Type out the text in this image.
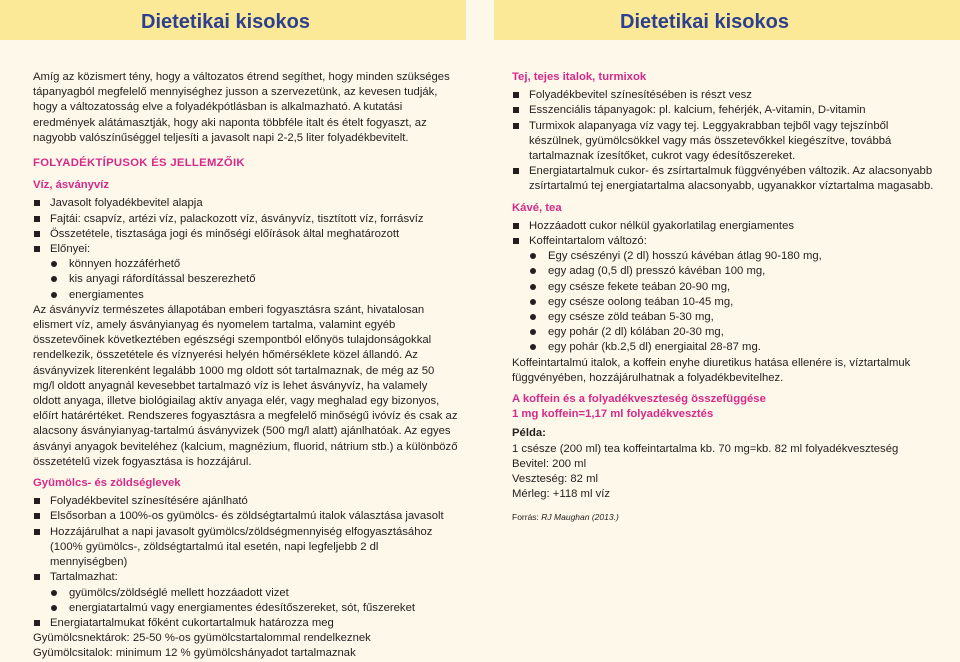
Dietetikai kisokos	Dietetikai kisokos

Amíg az közismert tény, hogy a változatos étrend segíthet, hogy minden szükséges tápanyagból megfelelő mennyiséghez jusson a szervezetünk, az kevesen tudják, hogy a változatosság elve a folyadékpótlásban is alkalmazható. A kutatási eredmények alátámasztják, hogy aki naponta többféle italt és ételt fogyaszt, az nagyobb valószínűséggel teljesíti a javasolt napi 2-2,5 liter folyadékbevitelt.

FOLYADÉKTÍPUSOK ÉS JELLEMZŐIK
Víz, ásványvíz
Javasolt folyadékbevitel alapja
Fajtái: csapvíz, artézi víz, palackozott víz, ásványvíz, tisztított víz, forrásvíz
Összetétele, tisztasága jogi és minőségi előírások által meghatározott
Előnyei:
könnyen hozzáférhető
kis anyagi ráfordítással beszerezhető
energiamentes

Az ásványvíz természetes állapotában emberi fogyasztásra szánt, hivatalosan elismert víz, amely ásványianyag és nyomelem tartalma, valamint egyéb összetevőinek következtében egészségi szempontból előnyös tulajdonságokkal rendelkezik, összetétele és víznyerési helyén hőmérséklete közel állandó. Az ásványvizek literenként legalább 1000 mg oldott sót tartalmaznak, de még az 50 mg/l oldott anyagnál kevesebbet tartalmazó víz is lehet ásványvíz, ha valamely oldott anyaga, illetve biológiailag aktív anyaga elér, vagy meghalad egy bizonyos, előírt határértéket. Rendszeres fogyasztásra a megfelelő minőségű ivóvíz és csak az alacsony ásványianyag-tartalmú ásványvizek (500 mg/l alatt) ajánlhatóak. Az egyes ásványi anyagok beviteléhez (kalcium, magnézium, fluorid, nátrium stb.) a különböző összetételű vizek fogyasztása is hozzájárul.

Gyümölcs- és zöldséglevek
Folyadékbevitel színesítésére ajánlható
Elsősorban a 100%-os gyümölcs- és zöldségtartalmú italok választása javasolt
Hozzájárulhat a napi javasolt gyümölcs/zöldségmennyiség elfogyasztásához (100% gyümölcs-, zöldségtartalmú ital esetén, napi legfeljebb 2 dl mennyiségben)
Tartalmazhat:
gyümölcs/zöldséglé mellett hozzáadott vizet
energiatartalmú vagy energiamentes édesítőszereket, sót, fűszereket
Energiatartalmukat főként cukortartalmuk határozza meg

Gyümölcsnektárok: 25-50 %-os gyümölcstartalommal rendelkeznek

Gyümölcsitalok: minimum 12 % gyümölcshányadot tartalmaznak

Tej, tejes italok, turmixok
Folyadékbevitel színesítésében is részt vesz
Esszenciális tápanyagok: pl. kalcium, fehérjék, A-vitamin, D-vitamin
Turmixok alapanyaga víz vagy tej. Leggyakrabban tejből vagy tejszínből készülnek, gyümölcsökkel vagy más összetevőkkel kiegészítve, továbbá tartalmaznak ízesítőket, cukrot vagy édesítőszereket.
Energiatartalmuk cukor- és zsírtartalmuk függvényében változik. Az alacsonyabb zsírtartalmú tej energiatartalma alacsonyabb, ugyanakkor víztartalma magasabb.
Kávé, tea
Hozzáadott cukor nélkül gyakorlatilag energiamentes
Koffeintartalom változó:
Egy csészényi (2 dl) hosszú kávéban átlag 90-180 mg,
egy adag (0,5 dl) presszó kávéban 100 mg,
egy csésze fekete teában 20-90 mg,
egy csésze oolong teában 10-45 mg,
egy csésze zöld teában 5-30 mg,
egy pohár (2 dl) kólában 20-30 mg,
egy pohár (kb.2,5 dl) energiaital 28-87 mg.

Koffeintartalmú italok, a koffein enyhe diuretikus hatása ellenére is, víztartalmuk függvényében, hozzájárulhatnak a folyadékbevitelhez.

A koffein és a folyadékveszteség összefüggése
1 mg koffein=1,17 ml folyadékvesztés

Példa:

1 csésze (200 ml) tea koffeintartalma kb. 70 mg=kb. 82 ml folyadékveszteség

Bevitel: 200 ml

Veszteség: 82 ml

Mérleg: +118 ml víz

Forrás: RJ Maughan (2013.)
